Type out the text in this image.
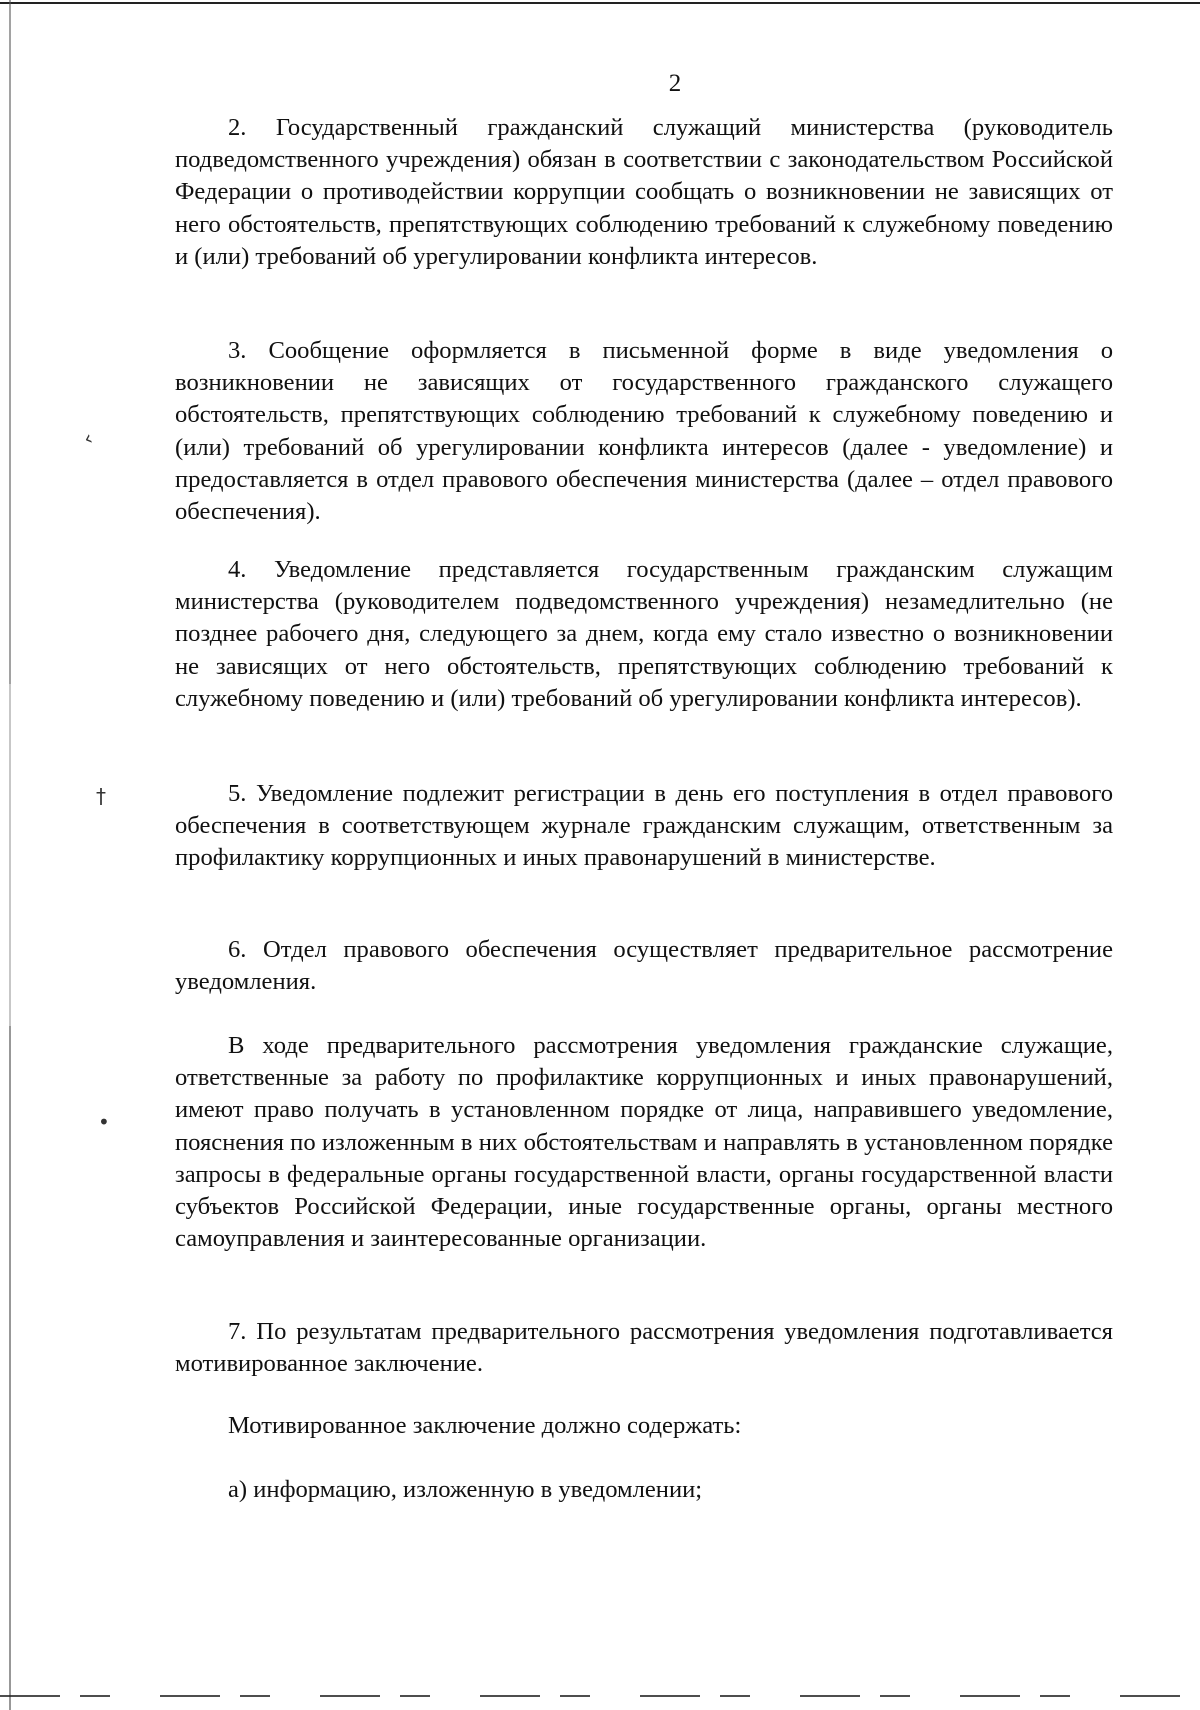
2

2. Государственный гражданский служащий министерства (руководитель подведомственного учреждения) обязан в соответствии с законодательством Российской Федерации о противодействии коррупции сообщать о возникновении не зависящих от него обстоятельств, препятствующих соблюдению требований к служебному поведению и (или) требований об урегулировании конфликта интересов.

3. Сообщение оформляется в письменной форме в виде уведомления о возникновении не зависящих от государственного гражданского служащего обстоятельств, препятствующих соблюдению требований к служебному поведению и (или) требований об урегулировании конфликта интересов (далее - уведомление) и предоставляется в отдел правового обеспечения министерства (далее – отдел правового обеспечения).

4. Уведомление представляется государственным гражданским служащим министерства (руководителем подведомственного учреждения) незамедлительно (не позднее рабочего дня, следующего за днем, когда ему стало известно о возникновении не зависящих от него обстоятельств, препятствующих соблюдению требований к служебному поведению и (или) требований об урегулировании конфликта интересов).

5. Уведомление подлежит регистрации в день его поступления в отдел правового обеспечения в соответствующем журнале гражданским служащим, ответственным за профилактику коррупционных и иных правонарушений в министерстве.

6. Отдел правового обеспечения осуществляет предварительное рассмотрение уведомления.

В ходе предварительного рассмотрения уведомления гражданские служащие, ответственные за работу по профилактике коррупционных и иных правонарушений, имеют право получать в установленном порядке от лица, направившего уведомление, пояснения по изложенным в них обстоятельствам и направлять в установленном порядке запросы в федеральные органы государственной власти, органы государственной власти субъектов Российской Федерации, иные государственные органы, органы местного самоуправления и заинтересованные организации.

7. По результатам предварительного рассмотрения уведомления подготавливается мотивированное заключение.

Мотивированное заключение должно содержать:

а) информацию, изложенную в уведомлении;

‹
†
•
